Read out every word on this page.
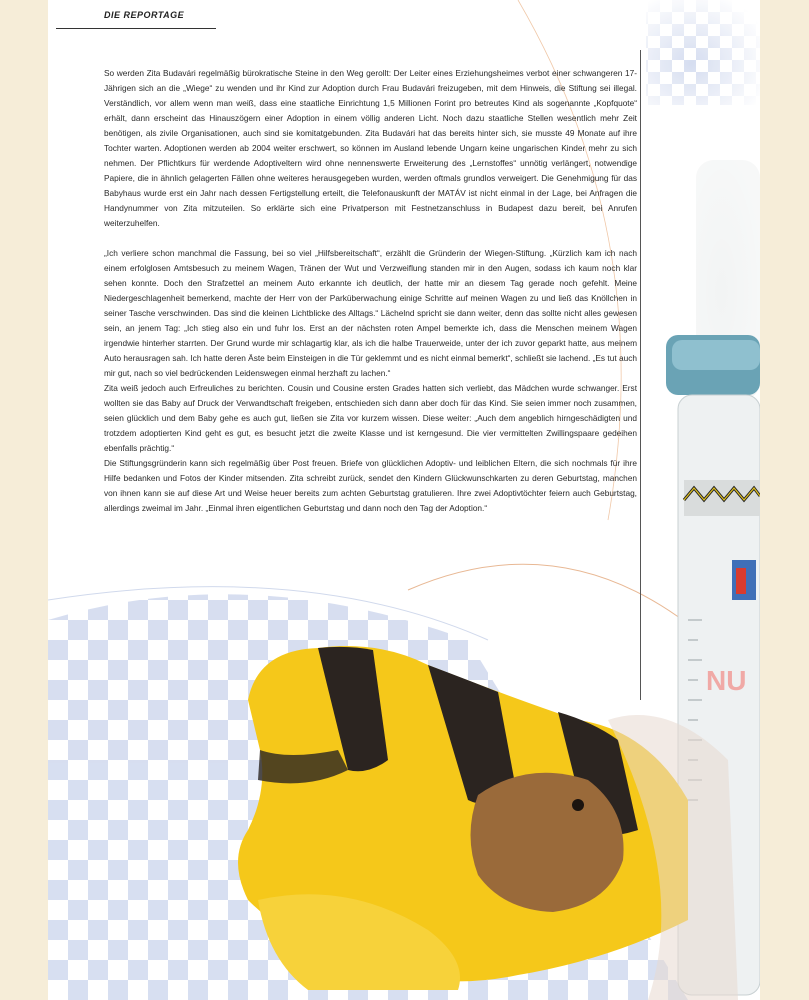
NU
DIE REPORTAGE

So werden Zita Budavári regelmäßig bürokratische Steine in den Weg gerollt: Der Leiter eines Erziehungsheimes verbot einer schwangeren 17-Jährigen sich an die „Wiege“ zu wenden und ihr Kind zur Adoption durch Frau Budavári freizugeben, mit dem Hinweis, die Stiftung sei illegal. Verständlich, vor allem wenn man weiß, dass eine staatliche Einrichtung 1,5 Millionen Forint pro betreutes Kind als sogenannte „Kopfquote“ erhält, dann erscheint das Hinauszögern einer Adoption in einem völlig anderen Licht. Noch dazu staatliche Stellen wesentlich mehr Zeit benötigen, als zivile Organisationen, auch sind sie komitatgebunden. Zita Budavári hat das bereits hinter sich, sie musste 49 Monate auf ihre Tochter warten. Adoptionen werden ab 2004 weiter erschwert, so können im Ausland lebende Ungarn keine ungarischen Kinder mehr zu sich nehmen. Der Pflichtkurs für werdende Adoptiveltern wird ohne nennenswerte Erweiterung des „Lernstoffes“ unnötig verlängert, notwendige Papiere, die in ähnlich gelagerten Fällen ohne weiteres herausgegeben wurden, werden oftmals grundlos verweigert. Die Genehmigung für das Babyhaus wurde erst ein Jahr nach dessen Fertigstellung erteilt, die Telefonauskunft der MATÁV ist nicht einmal in der Lage, bei Anfragen die Handynummer von Zita mitzuteilen. So erklärte sich eine Privatperson mit Festnetzanschluss in Budapest dazu bereit, bei Anrufen weiterzuhelfen.

„Ich verliere schon manchmal die Fassung, bei so viel „Hilfsbereitschaft“, erzählt die Gründerin der Wiegen-Stiftung. „Kürzlich kam ich nach einem erfolglosen Amtsbesuch zu meinem Wagen, Tränen der Wut und Verzweiflung standen mir in den Augen, sodass ich kaum noch klar sehen konnte. Doch den Strafzettel an meinem Auto erkannte ich deutlich, der hatte mir an diesem Tag gerade noch gefehlt. Meine Niedergeschlagenheit bemerkend, machte der Herr von der Parküberwachung einige Schritte auf meinen Wagen zu und ließ das Knöllchen in seiner Tasche verschwinden. Das sind die kleinen Lichtblicke des Alltags.“ Lächelnd spricht sie dann weiter, denn das sollte nicht alles gewesen sein, an jenem Tag: „Ich stieg also ein und fuhr los. Erst an der nächsten roten Ampel bemerkte ich, dass die Menschen meinem Wagen irgendwie hinterher starrten. Der Grund wurde mir schlagartig klar, als ich die halbe Trauerweide, unter der ich zuvor geparkt hatte, aus meinem Auto herausragen sah. Ich hatte deren Äste beim Einsteigen in die Tür geklemmt und es nicht einmal bemerkt“, schließt sie lachend. „Es tut auch mir gut, nach so viel bedrückenden Leidenswegen einmal herzhaft zu lachen.“

Zita weiß jedoch auch Erfreuliches zu berichten. Cousin und Cousine ersten Grades hatten sich verliebt, das Mädchen wurde schwanger. Erst wollten sie das Baby auf Druck der Verwandtschaft freigeben, entschieden sich dann aber doch für das Kind. Sie seien immer noch zusammen, seien glücklich und dem Baby gehe es auch gut, ließen sie Zita vor kurzem wissen. Diese weiter: „Auch dem angeblich hirngeschädigten und trotzdem adoptierten Kind geht es gut, es besucht jetzt die zweite Klasse und ist kerngesund. Die vier vermittelten Zwillingspaare gedeihen ebenfalls prächtig.“

Die Stiftungsgründerin kann sich regelmäßig über Post freuen. Briefe von glücklichen Adoptiv- und leiblichen Eltern, die sich nochmals für ihre Hilfe bedanken und Fotos der Kinder mitsenden. Zita schreibt zurück, sendet den Kindern Glückwunschkarten zu deren Geburtstag, manchen von ihnen kann sie auf diese Art und Weise heuer bereits zum achten Geburtstag gratulieren. Ihre zwei Adoptivtöchter feiern auch Geburtstag, allerdings zweimal im Jahr. „Einmal ihren eigentlichen Geburtstag und dann noch den Tag der Adoption.“
